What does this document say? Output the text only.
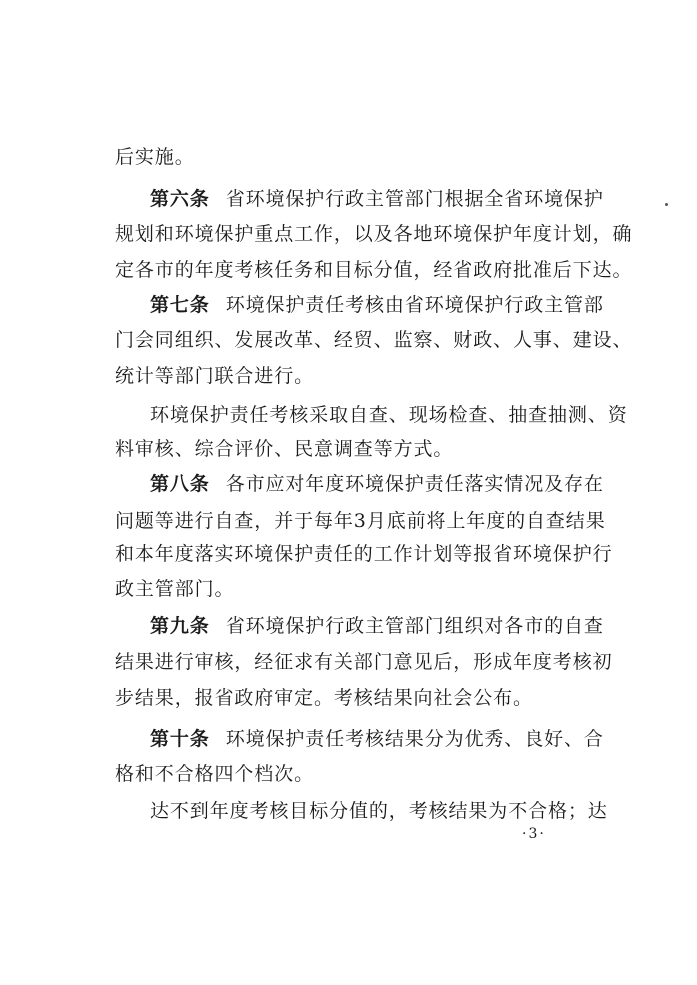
后实施。
第六条 省环境保护行政主管部门根据全省环境保护
规划和环境保护重点工作，以及各地环境保护年度计划，确
定各市的年度考核任务和目标分值，经省政府批准后下达。
第七条 环境保护责任考核由省环境保护行政主管部
门会同组织、发展改革、经贸、监察、财政、人事、建设、
统计等部门联合进行。
环境保护责任考核采取自查、现场检查、抽查抽测、资
料审核、综合评价、民意调查等方式。
第八条 各市应对年度环境保护责任落实情况及存在
问题等进行自查，并于每年3月底前将上年度的自查结果
和本年度落实环境保护责任的工作计划等报省环境保护行
政主管部门。
第九条 省环境保护行政主管部门组织对各市的自查
结果进行审核，经征求有关部门意见后，形成年度考核初
步结果，报省政府审定。考核结果向社会公布。
第十条 环境保护责任考核结果分为优秀、良好、合
格和不合格四个档次。
达不到年度考核目标分值的，考核结果为不合格；达
·3·
